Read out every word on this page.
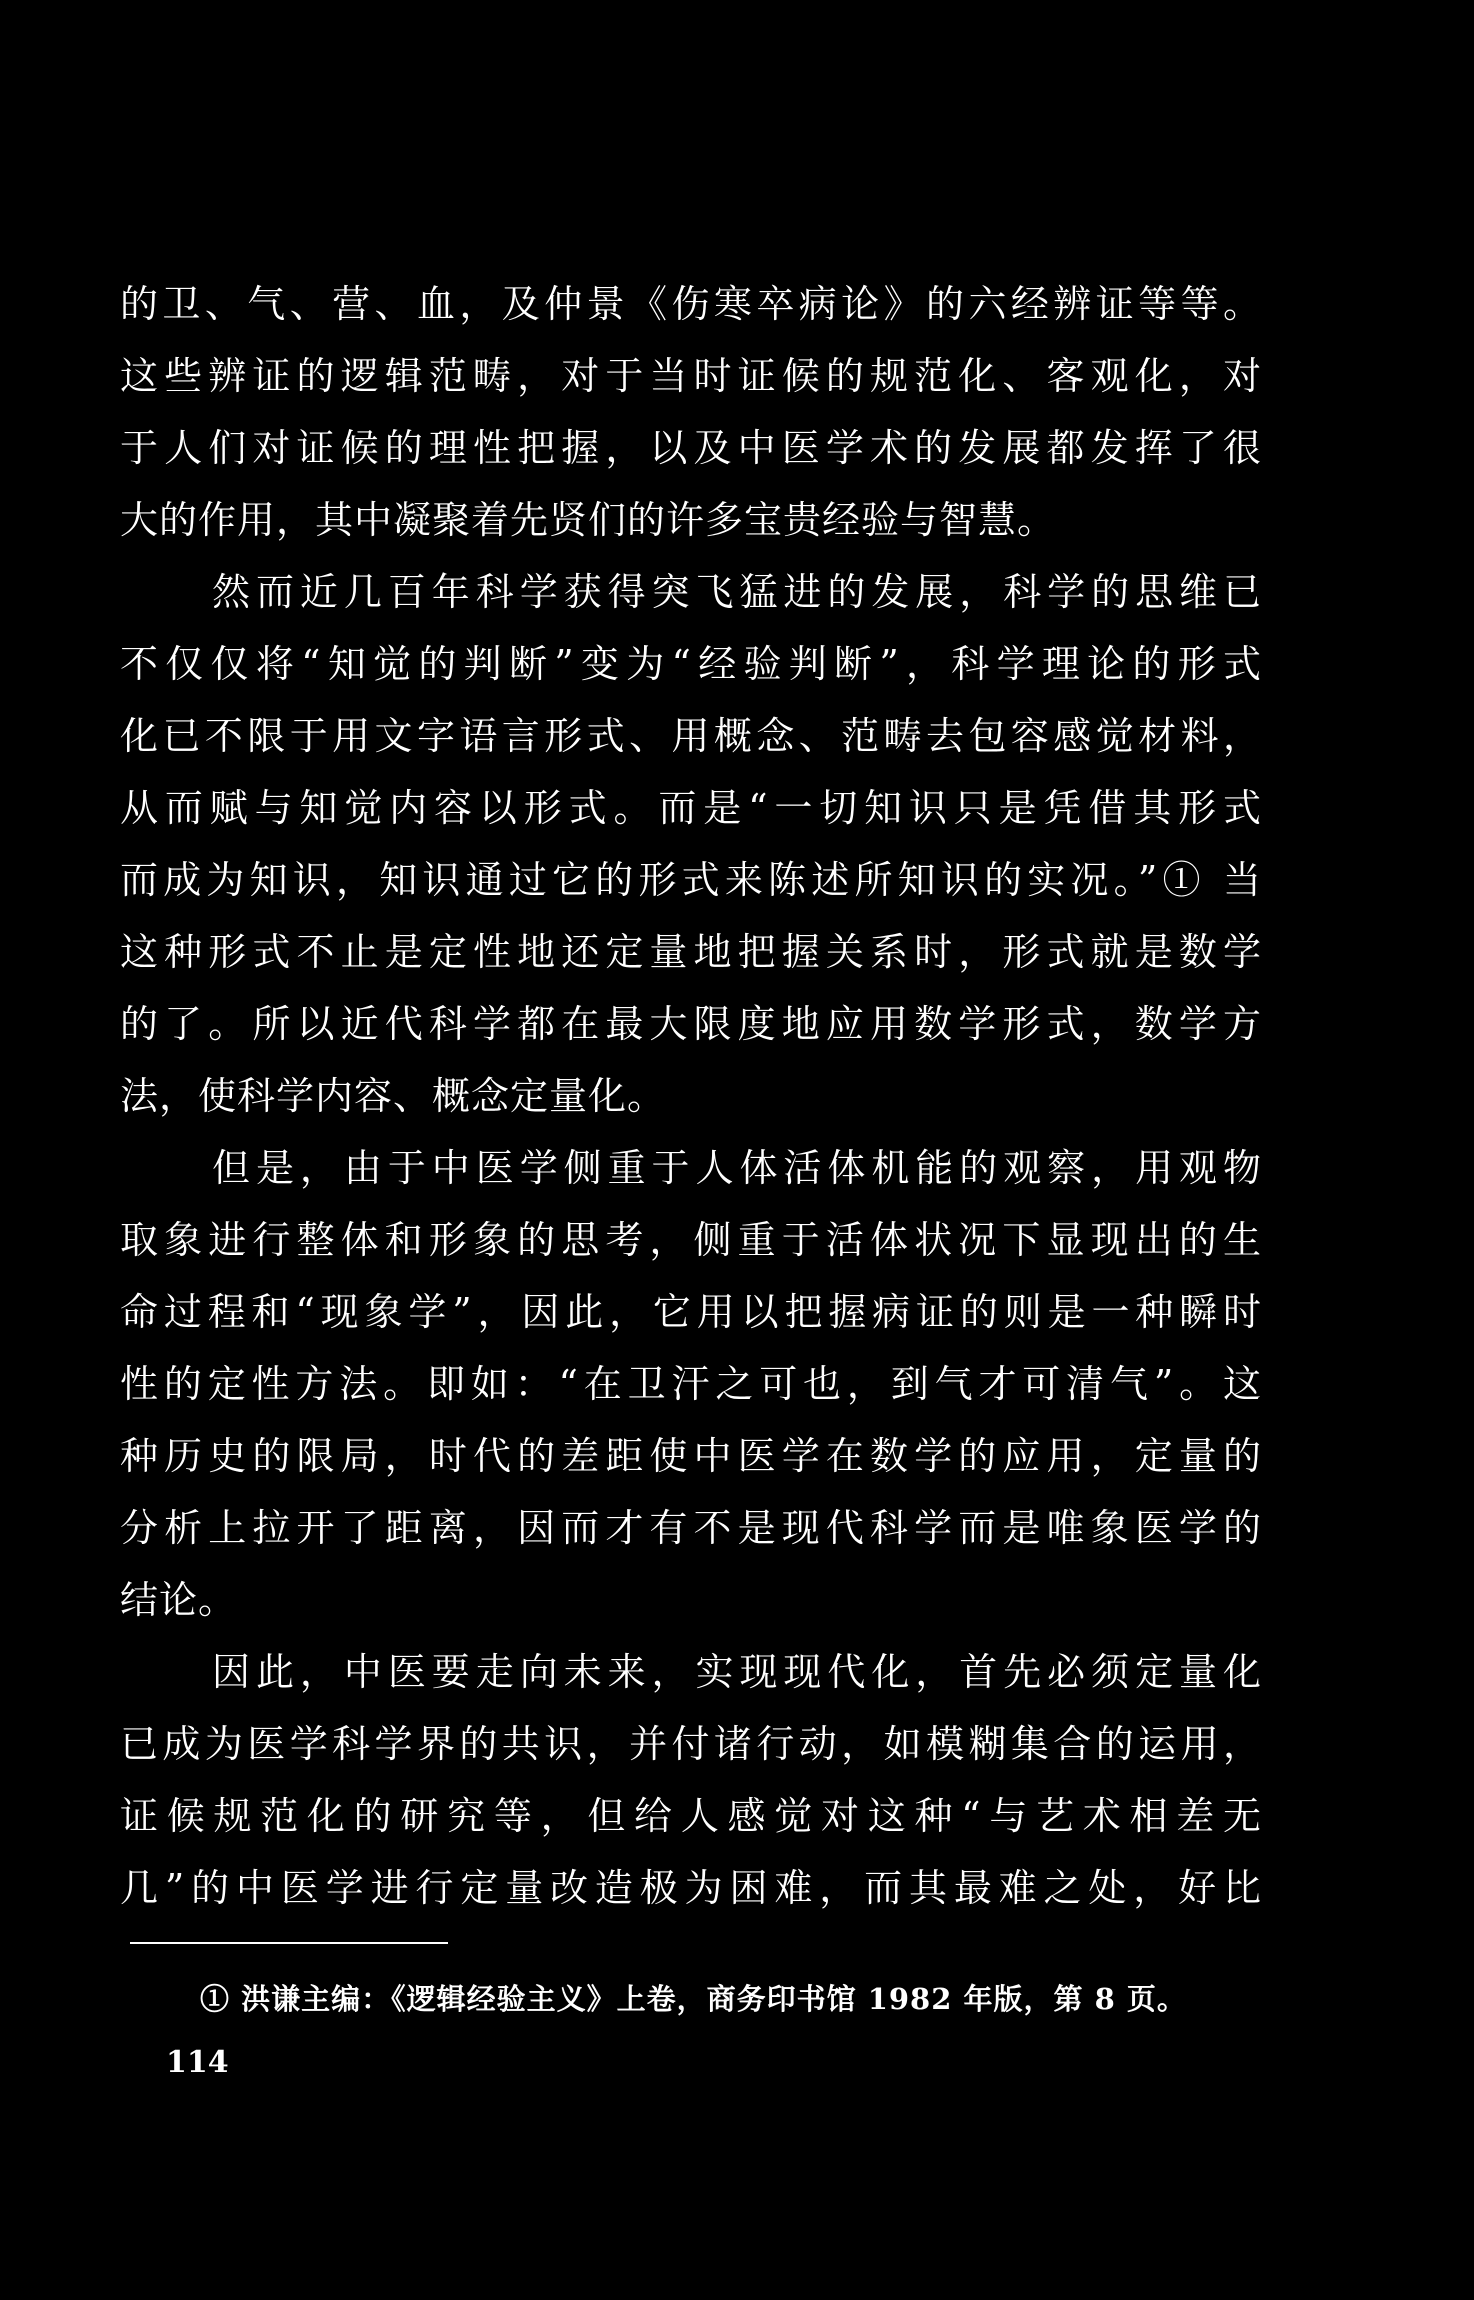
的卫、气、营、血，及仲景《伤寒卒病论》的六经辨证等等。
这些辨证的逻辑范畴，对于当时证候的规范化、客观化，对
于人们对证候的理性把握，以及中医学术的发展都发挥了很
大的作用，其中凝聚着先贤们的许多宝贵经验与智慧。
然而近几百年科学获得突飞猛进的发展，科学的思维已
不仅仅将“知觉的判断”变为“经验判断”，科学理论的形式
化已不限于用文字语言形式、用概念、范畴去包容感觉材料，
从而赋与知觉内容以形式。而是“一切知识只是凭借其形式
而成为知识，知识通过它的形式来陈述所知识的实况。”① 当
这种形式不止是定性地还定量地把握关系时，形式就是数学
的了。所以近代科学都在最大限度地应用数学形式，数学方
法，使科学内容、概念定量化。
但是，由于中医学侧重于人体活体机能的观察，用观物
取象进行整体和形象的思考，侧重于活体状况下显现出的生
命过程和“现象学”，因此，它用以把握病证的则是一种瞬时
性的定性方法。即如：“在卫汗之可也，到气才可清气”。这
种历史的限局，时代的差距使中医学在数学的应用，定量的
分析上拉开了距离，因而才有不是现代科学而是唯象医学的
结论。
因此，中医要走向未来，实现现代化，首先必须定量化
已成为医学科学界的共识，并付诸行动，如模糊集合的运用，
证候规范化的研究等，但给人感觉对这种“与艺术相差无
几”的中医学进行定量改造极为困难，而其最难之处，好比
① 洪谦主编：《逻辑经验主义》上卷，商务印书馆 1982 年版，第 8 页。
114
